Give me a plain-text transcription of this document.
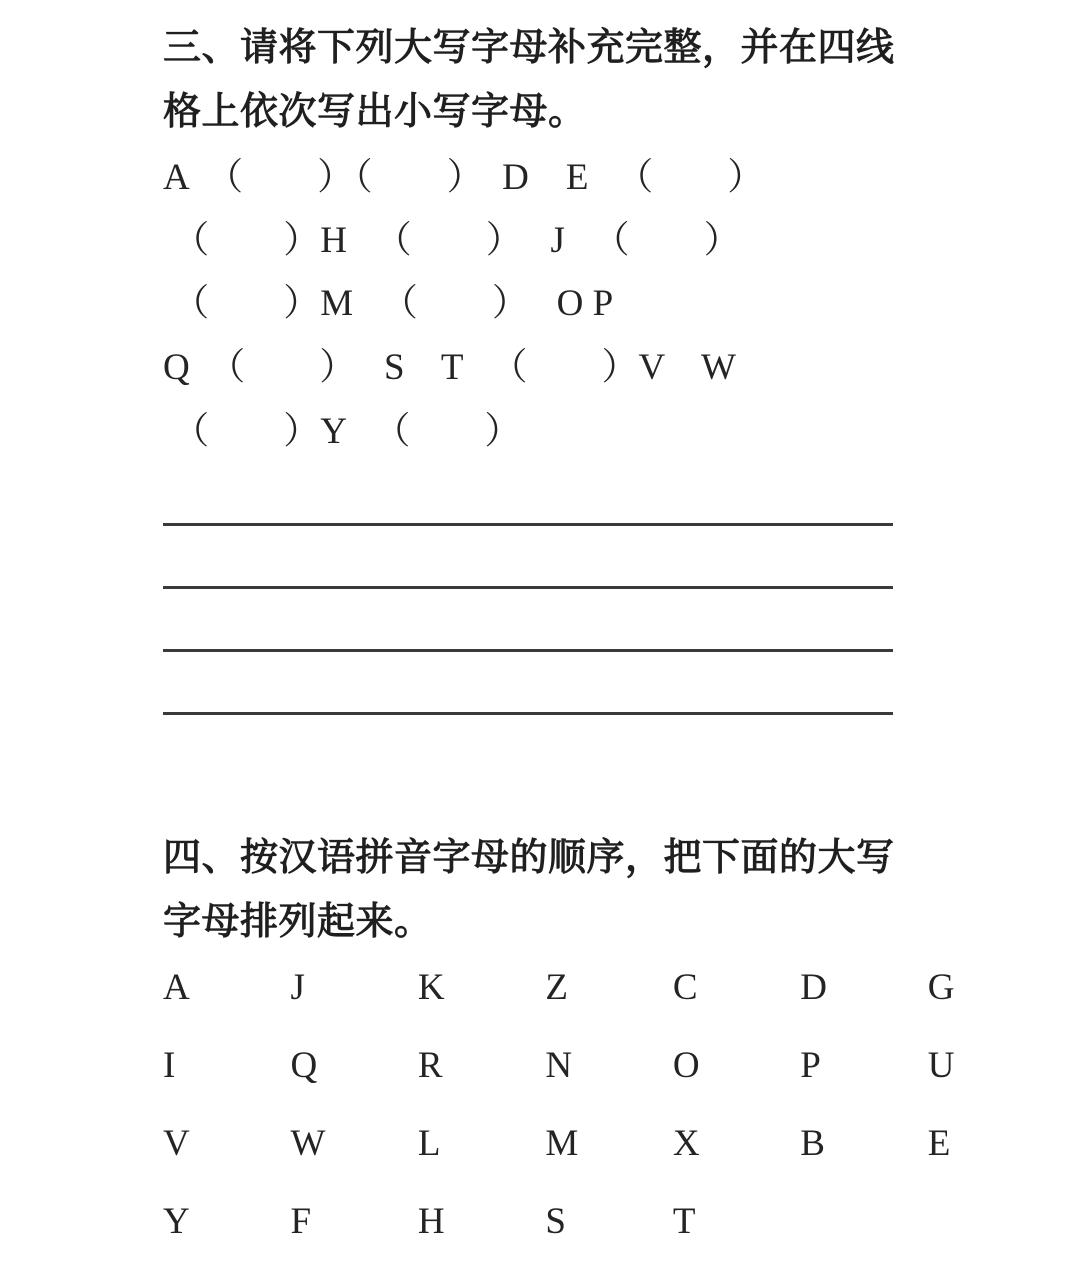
三、请将下列大写字母补充完整，并在四线格上依次写出小写字母。
A  （        ）（        ）  D    E   （        ）
（        ）H   （        ）   J   （        ）
（        ）M   （        ）   O P
Q  （        ）   S    T   （        ）V    W
（        ）Y   （        ）
四、按汉语拼音字母的顺序，把下面的大写字母排列起来。
A	J	K	Z	C	D	G
I	Q	R	N	O	P	U
V	W	L	M	X	B	E
Y	F	H	S	T
